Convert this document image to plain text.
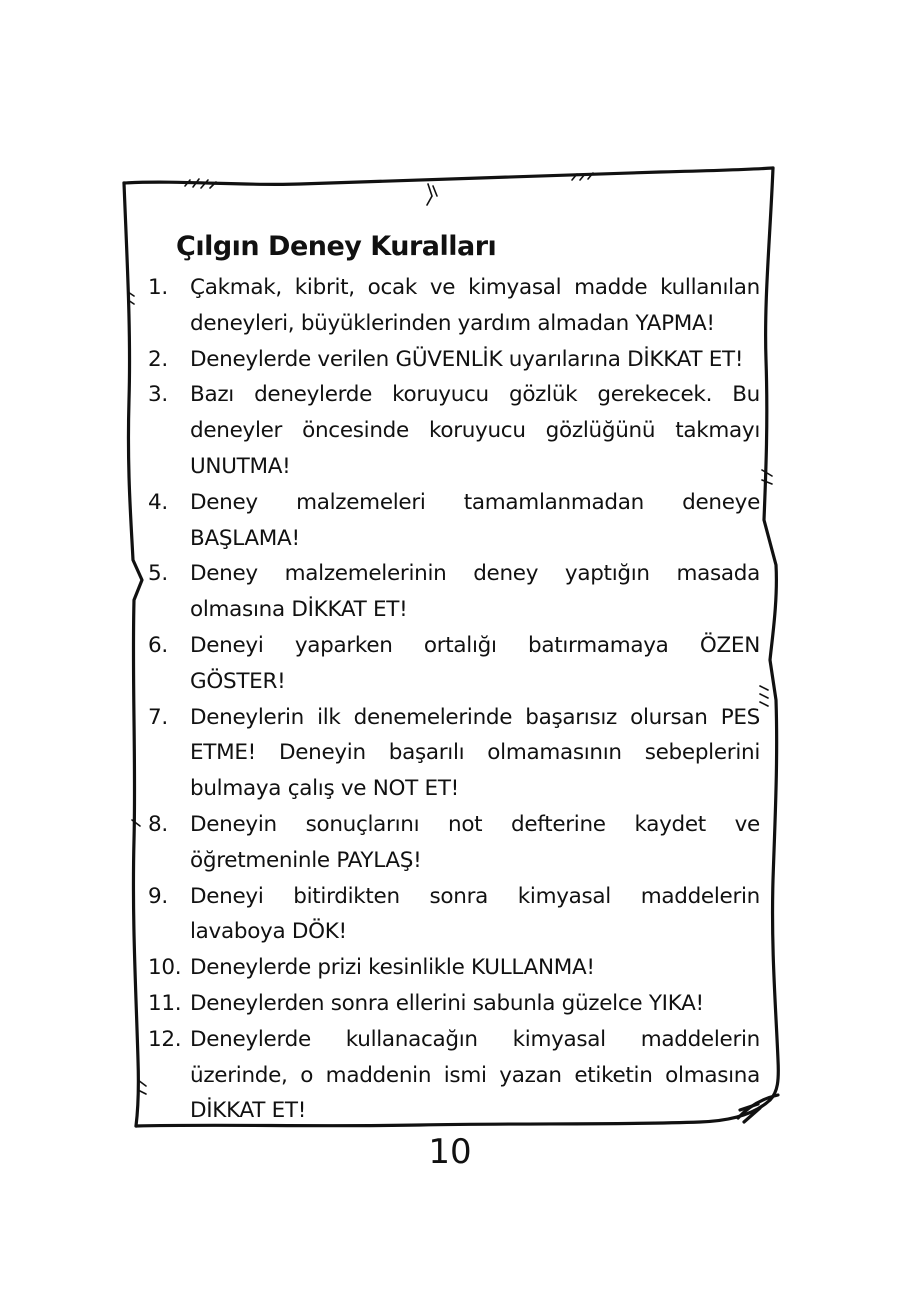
Çılgın Deney Kuralları
1.	Çakmak, kibrit, ocak ve kimyasal madde kullanılan deneyleri, büyüklerinden yardım almadan YAPMA!
2.	Deneylerde verilen GÜVENLİK uyarılarına DİKKAT ET!
3.	Bazı deneylerde koruyucu gözlük gerekecek. Bu deneyler öncesinde koruyucu gözlüğünü takmayı UNUTMA!
4.	Deney malzemeleri tamamlanmadan deneye BAŞLAMA!
5.	Deney malzemelerinin deney yaptığın masada olmasına DİKKAT ET!
6.	Deneyi yaparken ortalığı batırmamaya ÖZEN GÖSTER!
7.	Deneylerin ilk denemelerinde başarısız olursan PES ETME! Deneyin başarılı olmamasının sebeplerini bulmaya çalış ve NOT ET!
8.	Deneyin sonuçlarını not defterine kaydet ve öğretmeninle PAYLAŞ!
9.	Deneyi bitirdikten sonra kimyasal maddelerin lavaboya DÖK!
10. Deneylerde prizi kesinlikle KULLANMA!
11. Deneylerden sonra ellerini sabunla güzelce YIKA!
12. Deneylerde kullanacağın kimyasal maddelerin üzerinde, o maddenin ismi yazan etiketin olmasına DİKKAT ET!
10
